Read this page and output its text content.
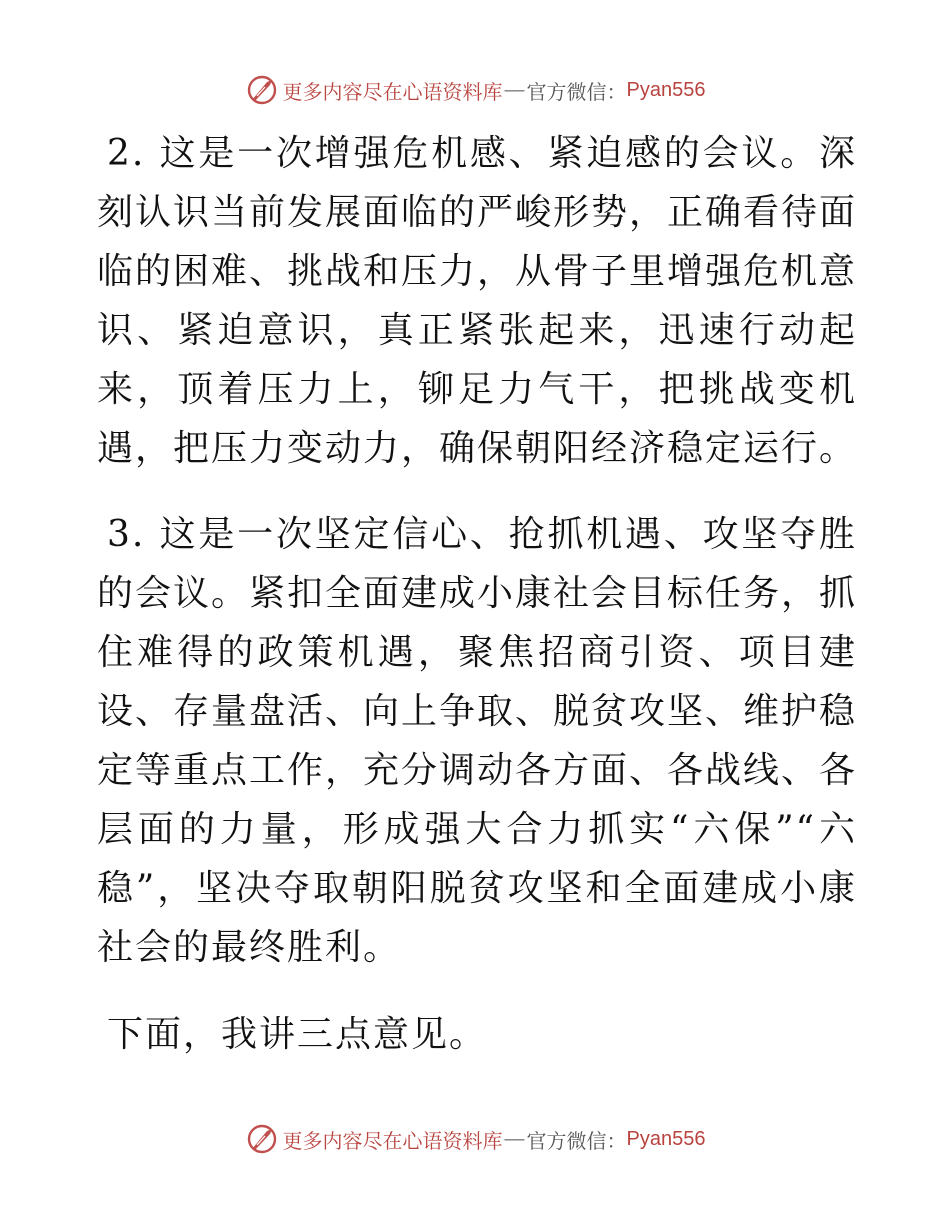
更多内容尽在心语资料库 — 官方微信： Pyan556

2. 这是一次增强危机感、紧迫感的会议。深刻认识当前发展面临的严峻形势，正确看待面临的困难、挑战和压力，从骨子里增强危机意识、紧迫意识，真正紧张起来，迅速行动起来，顶着压力上，铆足力气干，把挑战变机遇，把压力变动力，确保朝阳经济稳定运行。

3. 这是一次坚定信心、抢抓机遇、攻坚夺胜的会议。紧扣全面建成小康社会目标任务，抓住难得的政策机遇，聚焦招商引资、项目建设、存量盘活、向上争取、脱贫攻坚、维护稳定等重点工作，充分调动各方面、各战线、各层面的力量，形成强大合力抓实“六保”“六稳”，坚决夺取朝阳脱贫攻坚和全面建成小康社会的最终胜利。

下面，我讲三点意见。

更多内容尽在心语资料库 — 官方微信： Pyan556
